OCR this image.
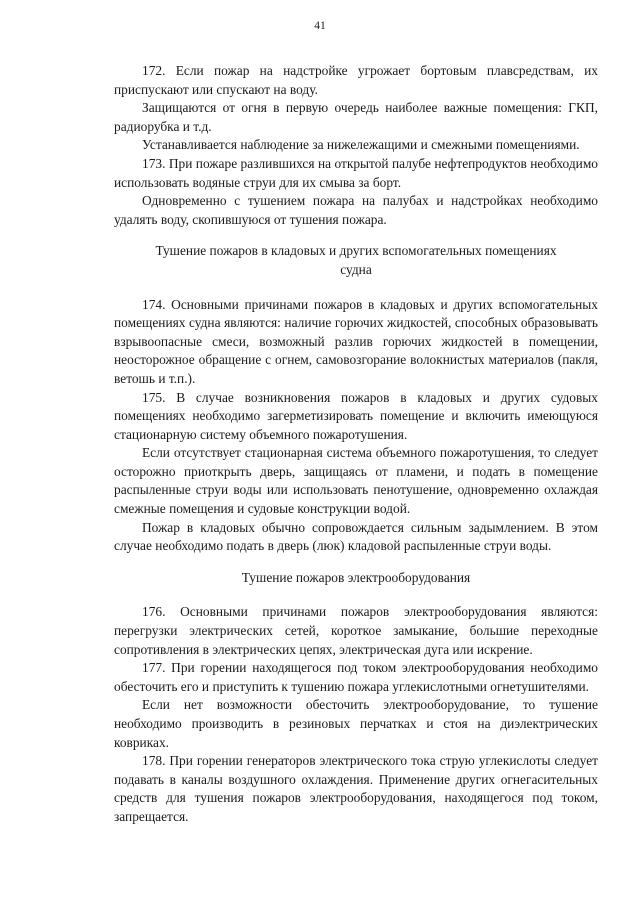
41

172. Если пожар на надстройке угрожает бортовым плавсредствам, их приспускают или спускают на воду.

Защищаются от огня в первую очередь наиболее важные помещения: ГКП, радиорубка и т.д.

Устанавливается наблюдение за нижележащими и смежными помещениями.

173. При пожаре разлившихся на открытой палубе нефтепродуктов необходимо использовать водяные струи для их смыва за борт.

Одновременно с тушением пожара на палубах и надстройках необходимо удалять воду, скопившуюся от тушения пожара.

Тушение пожаров в кладовых и других вспомогательных помещениях судна

174. Основными причинами пожаров в кладовых и других вспомогательных помещениях судна являются: наличие горючих жидкостей, способных образовывать взрывоопасные смеси, возможный разлив горючих жидкостей в помещении, неосторожное обращение с огнем, самовозгорание волокнистых материалов (пакля, ветошь и т.п.).

175. В случае возникновения пожаров в кладовых и других судовых помещениях необходимо загерметизировать помещение и включить имеющуюся стационарную систему объемного пожаротушения.

Если отсутствует стационарная система объемного пожаротушения, то следует осторожно приоткрыть дверь, защищаясь от пламени, и подать в помещение распыленные струи воды или использовать пенотушение, одновременно охлаждая смежные помещения и судовые конструкции водой.

Пожар в кладовых обычно сопровождается сильным задымлением. В этом случае необходимо подать в дверь (люк) кладовой распыленные струи воды.

Тушение пожаров электрооборудования

176. Основными причинами пожаров электрооборудования являются: перегрузки электрических сетей, короткое замыкание, большие переходные сопротивления в электрических цепях, электрическая дуга или искрение.

177. При горении находящегося под током электрооборудования необходимо обесточить его и приступить к тушению пожара углекислотными огнетушителями.

Если нет возможности обесточить электрооборудование, то тушение необходимо производить в резиновых перчатках и стоя на диэлектрических ковриках.

178. При горении генераторов электрического тока струю углекислоты следует подавать в каналы воздушного охлаждения. Применение других огнегасительных средств для тушения пожаров электрооборудования, находящегося под током, запрещается.
